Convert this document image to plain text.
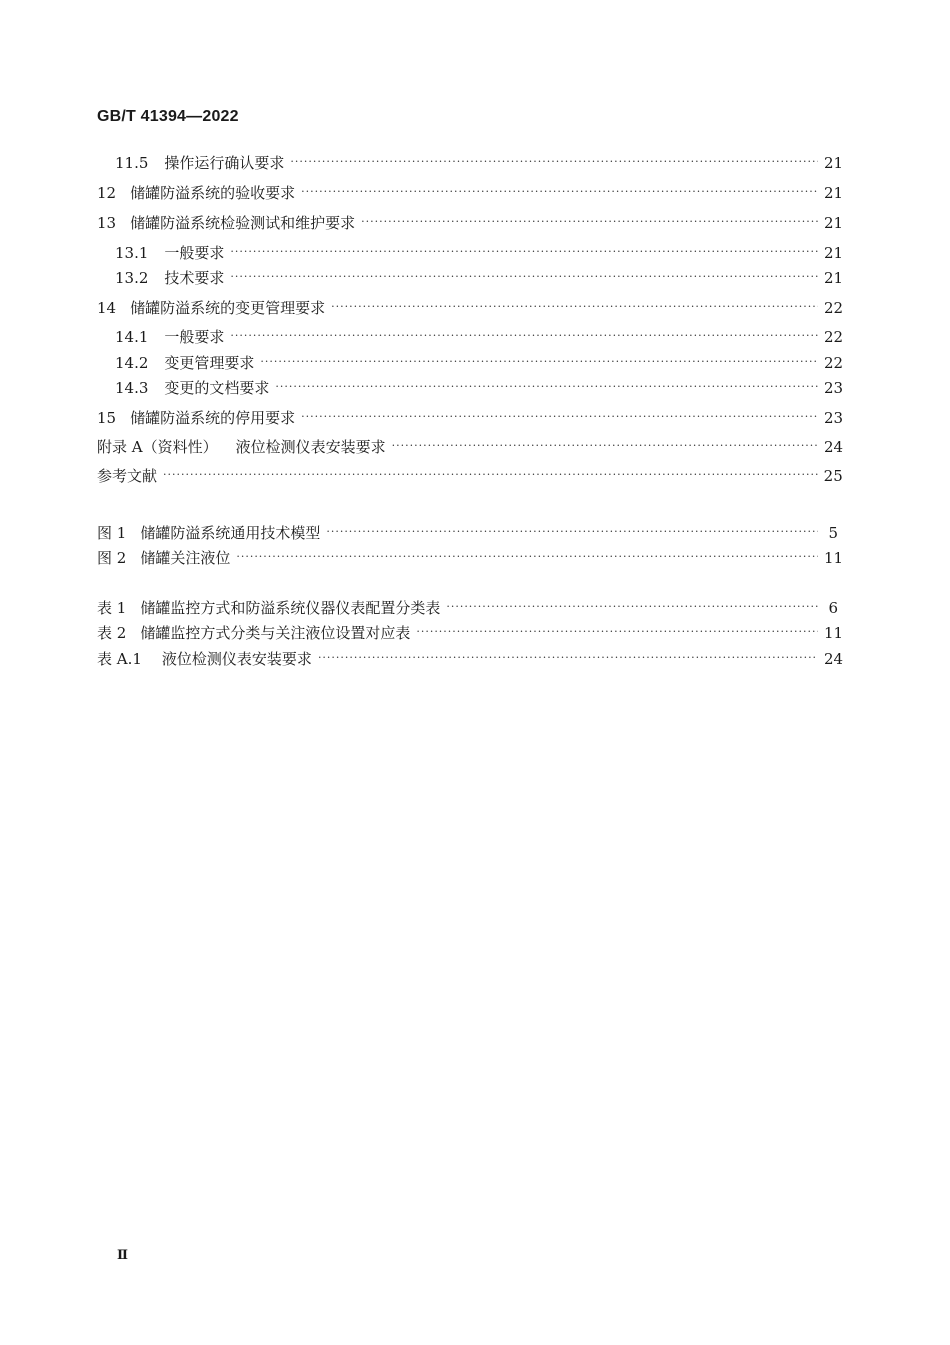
GB/T 41394—2022
11.5 操作运行确认要求 ·····	21
12 储罐防溢系统的验收要求 ·····	21
13 储罐防溢系统检验测试和维护要求 ·····	21
13.1 一般要求 ·····	21
13.2 技术要求 ·····	21
14 储罐防溢系统的变更管理要求 ·····	22
14.1 一般要求 ·····	22
14.2 变更管理要求 ·····	22
14.3 变更的文档要求 ·····	23
15 储罐防溢系统的停用要求 ·····	23
附录 A（资料性） 液位检测仪表安装要求 ·····	24
参考文献 ·····	25
图 1 储罐防溢系统通用技术模型 ·····	5
图 2 储罐关注液位 ·····	11
表 1 储罐监控方式和防溢系统仪器仪表配置分类表 ·····	6
表 2 储罐监控方式分类与关注液位设置对应表 ·····	11
表 A.1 液位检测仪表安装要求 ·····	24
Ⅱ
